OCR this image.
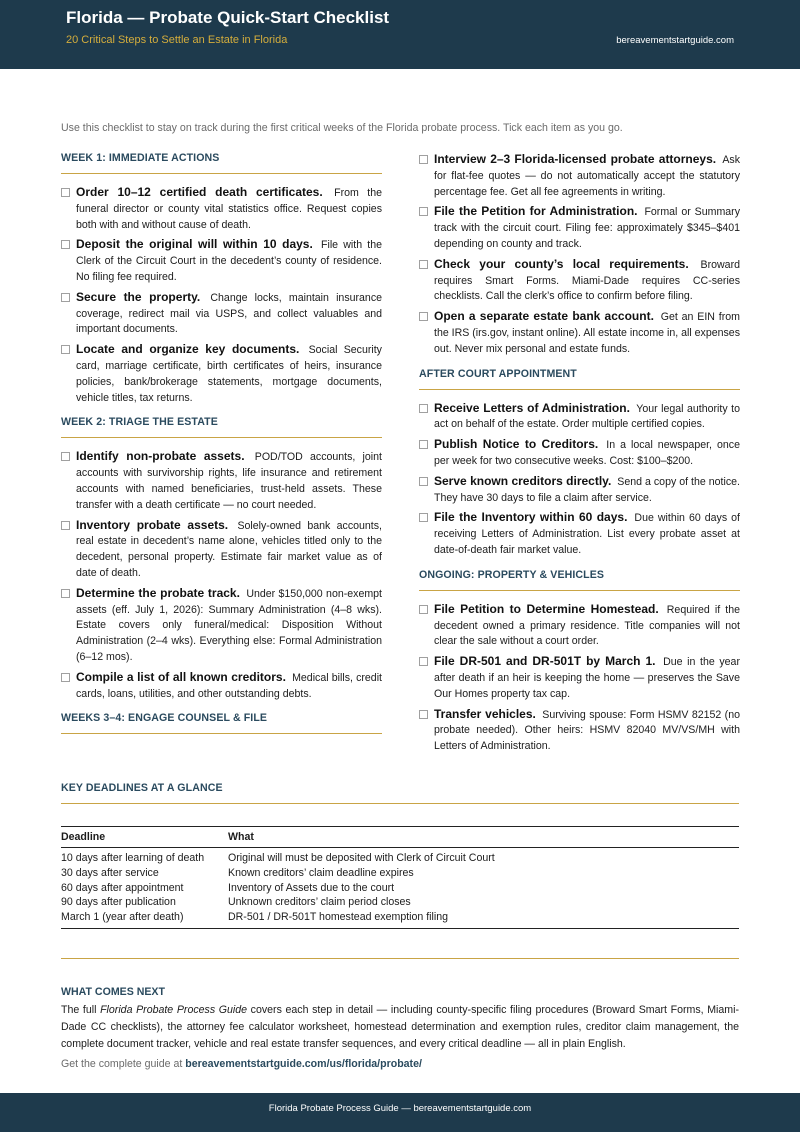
Florida — Probate Quick-Start Checklist
20 Critical Steps to Settle an Estate in Florida	bereavementstartguide.com
Use this checklist to stay on track during the first critical weeks of the Florida probate process. Tick each item as you go.
WEEK 1: IMMEDIATE ACTIONS
Order 10–12 certified death certificates. From the funeral director or county vital statistics office. Request copies both with and without cause of death.
Deposit the original will within 10 days. File with the Clerk of the Circuit Court in the decedent’s county of residence. No filing fee required.
Secure the property. Change locks, maintain insurance coverage, redirect mail via USPS, and collect valuables and important documents.
Locate and organize key documents. Social Security card, marriage certificate, birth certificates of heirs, insurance policies, bank/brokerage statements, mortgage documents, vehicle titles, tax returns.
WEEK 2: TRIAGE THE ESTATE
Identify non-probate assets. POD/TOD accounts, joint accounts with survivorship rights, life insurance and retirement accounts with named beneficiaries, trust-held assets. These transfer with a death certificate — no court needed.
Inventory probate assets. Solely-owned bank accounts, real estate in decedent’s name alone, vehicles titled only to the decedent, personal property. Estimate fair market value as of date of death.
Determine the probate track. Under $150,000 non-exempt assets (eff. July 1, 2026): Summary Administration (4–8 wks). Estate covers only funeral/medical: Disposition Without Administration (2–4 wks). Everything else: Formal Administration (6–12 mos).
Compile a list of all known creditors. Medical bills, credit cards, loans, utilities, and other outstanding debts.
WEEKS 3–4: ENGAGE COUNSEL & FILE
Interview 2–3 Florida-licensed probate attorneys. Ask for flat-fee quotes — do not automatically accept the statutory percentage fee. Get all fee agreements in writing.
File the Petition for Administration. Formal or Summary track with the circuit court. Filing fee: approximately $345–$401 depending on county and track.
Check your county’s local requirements. Broward requires Smart Forms. Miami-Dade requires CC-series checklists. Call the clerk’s office to confirm before filing.
Open a separate estate bank account. Get an EIN from the IRS (irs.gov, instant online). All estate income in, all expenses out. Never mix personal and estate funds.
AFTER COURT APPOINTMENT
Receive Letters of Administration. Your legal authority to act on behalf of the estate. Order multiple certified copies.
Publish Notice to Creditors. In a local newspaper, once per week for two consecutive weeks. Cost: $100–$200.
Serve known creditors directly. Send a copy of the notice. They have 30 days to file a claim after service.
File the Inventory within 60 days. Due within 60 days of receiving Letters of Administration. List every probate asset at date-of-death fair market value.
ONGOING: PROPERTY & VEHICLES
File Petition to Determine Homestead. Required if the decedent owned a primary residence. Title companies will not clear the sale without a court order.
File DR-501 and DR-501T by March 1. Due in the year after death if an heir is keeping the home — preserves the Save Our Homes property tax cap.
Transfer vehicles. Surviving spouse: Form HSMV 82152 (no probate needed). Other heirs: HSMV 82040 MV/VS/MH with Letters of Administration.
KEY DEADLINES AT A GLANCE
Deadline	What
10 days after learning of death	Original will must be deposited with Clerk of Circuit Court
30 days after service	Known creditors’ claim deadline expires
60 days after appointment	Inventory of Assets due to the court
90 days after publication	Unknown creditors’ claim period closes
March 1 (year after death)	DR-501 / DR-501T homestead exemption filing
WHAT COMES NEXT
The full Florida Probate Process Guide covers each step in detail — including county-specific filing procedures (Broward Smart Forms, Miami-Dade CC checklists), the attorney fee calculator worksheet, homestead determination and exemption rules, creditor claim management, the complete document tracker, vehicle and real estate transfer sequences, and every critical deadline — all in plain English.
Get the complete guide at bereavementstartguide.com/us/florida/probate/
Florida Probate Process Guide — bereavementstartguide.com
